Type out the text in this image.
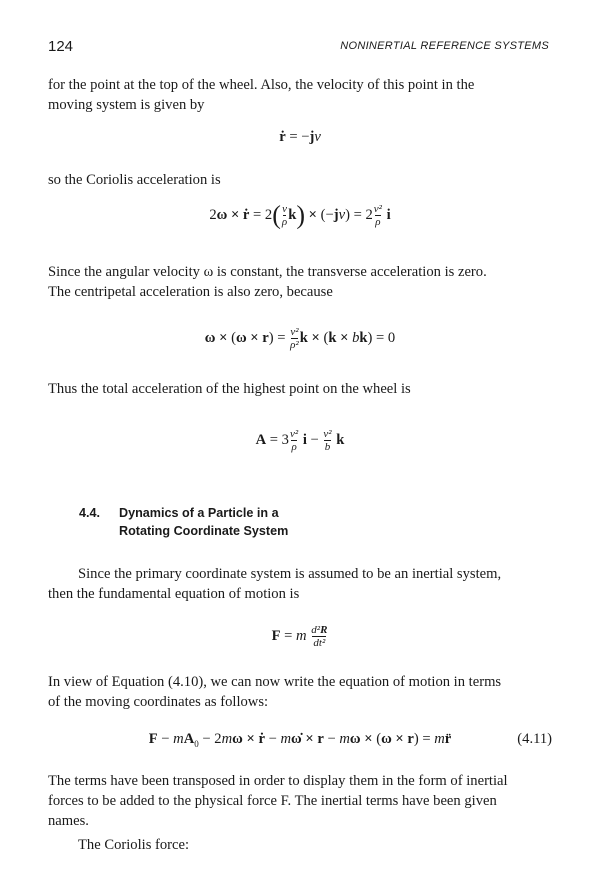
124	NONINERTIAL REFERENCE SYSTEMS

for the point at the top of the wheel. Also, the velocity of this point in the
moving system is given by

ṙ = −jv

so the Coriolis acceleration is

2ω × ṙ = $2( \frac{v}{\rho} k) \times (-jv) = 2 \frac{\text{v²}}{\rho}$ i

Since the angular velocity ω is constant, the transverse acceleration is zero.
The centripetal acceleration is also zero, because

$\omega \times (\omega \times r) = \frac{\text{v²}}{\text{ρ²}}$ k × (k × bk) = 0

Thus the total acceleration of the highest point on the wheel is

$A = 3 \frac{\text{v²}}{\rho}$ $i - \frac{\text{v²}}{b}$ k
4.4. Dynamics of a Particle in a
Rotating Coordinate System

Since the primary coordinate system is assumed to be an inertial system,
then the fundamental equation of motion is

F = m $\frac{\text{d²R}}{\text{dt²}}$

In view of Equation (4.10), we can now write the equation of motion in terms
of the moving coordinates as follows:

$F - mA_0 - 2m\omega$ × ṙ − mω̇ × r − mω × (ω × r) = mr̈	(4.11)

The terms have been transposed in order to display them in the form of inertial
forces to be added to the physical force F. The inertial terms have been given
names.

The Coriolis force:
